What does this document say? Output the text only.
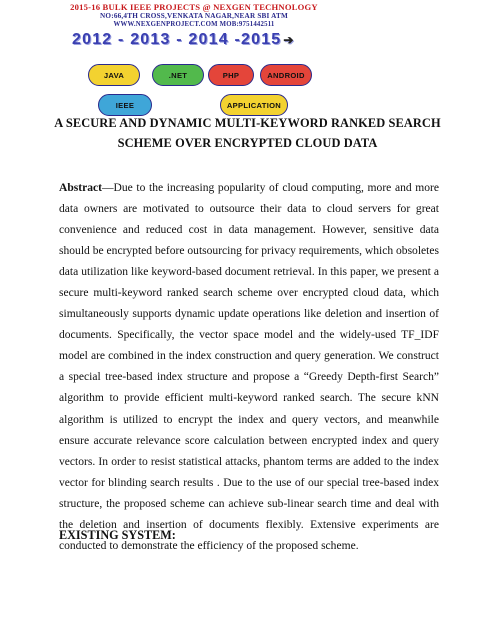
2015-16 BULK IEEE PROJECTS @ NEXGEN TECHNOLOGY
NO:66,4TH CROSS,VENKATA NAGAR,NEAR SBI ATM
WWW.NEXGENPROJECT.COM MOB:9751442511
2012 - 2013 - 2014 -2015 ➔
JAVA	.NET	PHP	ANDROID
IEEE	APPLICATION
A SECURE AND DYNAMIC MULTI-KEYWORD RANKED SEARCH
SCHEME OVER ENCRYPTED CLOUD DATA
Abstract—Due to the increasing popularity of cloud computing, more and more data owners are motivated to outsource their data to cloud servers for great convenience and reduced cost in data management. However, sensitive data should be encrypted before outsourcing for privacy requirements, which obsoletes data utilization like keyword-based document retrieval. In this paper, we present a secure multi-keyword ranked search scheme over encrypted cloud data, which simultaneously supports dynamic update operations like deletion and insertion of documents. Specifically, the vector space model and the widely-used TF_IDF model are combined in the index construction and query generation. We construct a special tree-based index structure and propose a “Greedy Depth-first Search” algorithm to provide efficient multi-keyword ranked search. The secure kNN algorithm is utilized to encrypt the index and query vectors, and meanwhile ensure accurate relevance score calculation between encrypted index and query vectors. In order to resist statistical attacks, phantom terms are added to the index vector for blinding search results . Due to the use of our special tree-based index structure, the proposed scheme can achieve sub-linear search time and deal with the deletion and insertion of documents flexibly. Extensive experiments are conducted to demonstrate the efficiency of the proposed scheme.
EXISTING SYSTEM:
